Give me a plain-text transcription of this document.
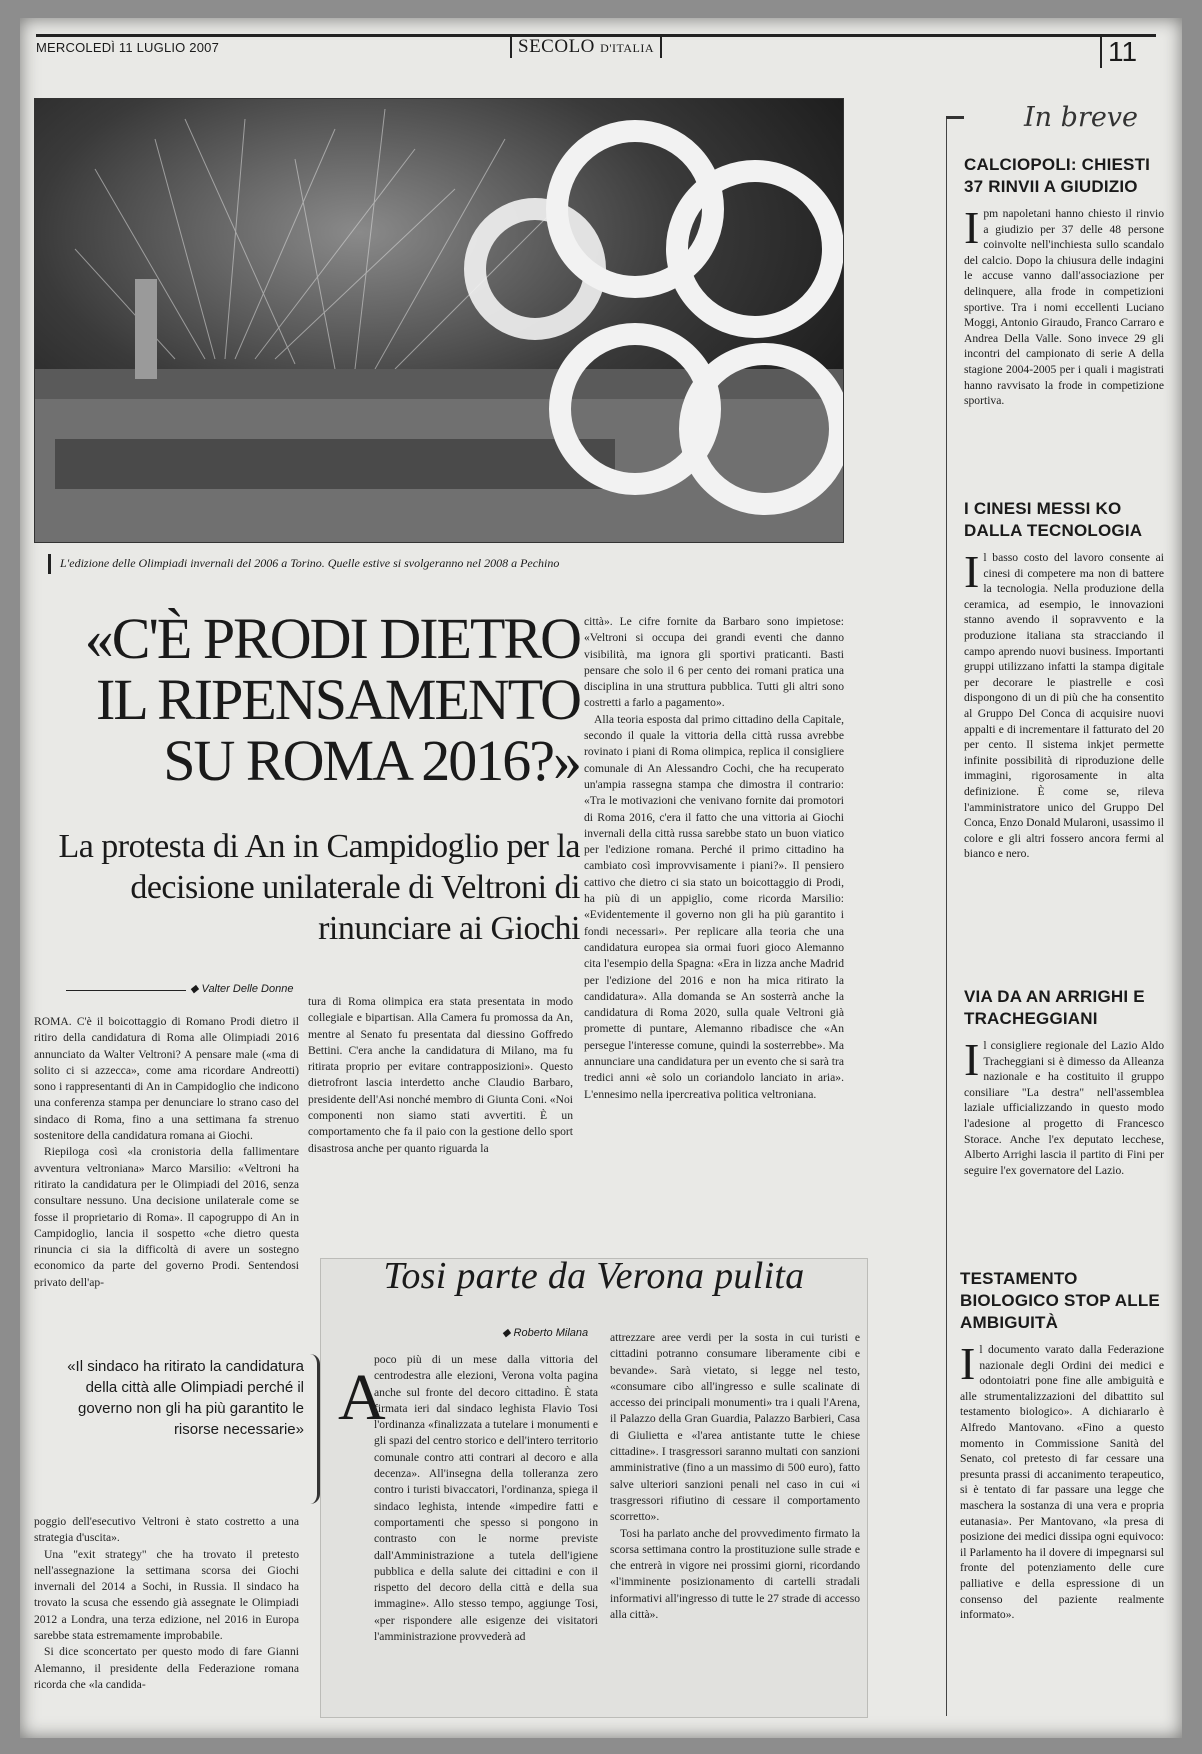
MERCOLEDÌ 11 LUGLIO 2007	SECOLO D'ITALIA	11
L'edizione delle Olimpiadi invernali del 2006 a Torino. Quelle estive si svolgeranno nel 2008 a Pechino
«C'È PRODI DIETRO IL RIPENSAMENTO SU ROMA 2016?»
La protesta di An in Campidoglio per la decisione unilaterale di Veltroni di rinunciare ai Giochi

città». Le cifre fornite da Barbaro sono impietose: «Veltroni si occupa dei grandi eventi che danno visibilità, ma ignora gli sportivi praticanti. Basti pensare che solo il 6 per cento dei romani pratica una disciplina in una struttura pubblica. Tutti gli altri sono costretti a farlo a pagamento».

Alla teoria esposta dal primo cittadino della Capitale, secondo il quale la vittoria della città russa avrebbe rovinato i piani di Roma olimpica, replica il consigliere comunale di An Alessandro Cochi, che ha recuperato un'ampia rassegna stampa che dimostra il contrario: «Tra le motivazioni che venivano fornite dai promotori di Roma 2016, c'era il fatto che una vittoria ai Giochi invernali della città russa sarebbe stato un buon viatico per l'edizione romana. Perché il primo cittadino ha cambiato così improvvisamente i piani?». Il pensiero cattivo che dietro ci sia stato un boicottaggio di Prodi, ha più di un appiglio, come ricorda Marsilio: «Evidentemente il governo non gli ha più garantito i fondi necessari». Per replicare alla teoria che una candidatura europea sia ormai fuori gioco Alemanno cita l'esempio della Spagna: «Era in lizza anche Madrid per l'edizione del 2016 e non ha mica ritirato la candidatura». Alla domanda se An sosterrà anche la candidatura di Roma 2020, sulla quale Veltroni già promette di puntare, Alemanno ribadisce che «An persegue l'interesse comune, quindi la sosterrebbe». Ma annunciare una candidatura per un evento che si sarà tra tredici anni «è solo un coriandolo lanciato in aria». L'ennesimo nella ipercreativa politica veltroniana.

◆ Valter Delle Donne

ROMA. C'è il boicottaggio di Romano Prodi dietro il ritiro della candidatura di Roma alle Olimpiadi 2016 annunciato da Walter Veltroni? A pensare male («ma di solito ci si azzecca», come ama ricordare Andreotti) sono i rappresentanti di An in Campidoglio che indicono una conferenza stampa per denunciare lo strano caso del sindaco di Roma, fino a una settimana fa strenuo sostenitore della candidatura romana ai Giochi.

Riepiloga così «la cronistoria della fallimentare avventura veltroniana» Marco Marsilio: «Veltroni ha ritirato la candidatura per le Olimpiadi del 2016, senza consultare nessuno. Una decisione unilaterale come se fosse il proprietario di Roma». Il capogruppo di An in Campidoglio, lancia il sospetto «che dietro questa rinuncia ci sia la difficoltà di avere un sostegno economico da parte del governo Prodi. Sentendosi privato dell'ap-

tura di Roma olimpica era stata presentata in modo collegiale e bipartisan. Alla Camera fu promossa da An, mentre al Senato fu presentata dal diessino Goffredo Bettini. C'era anche la candidatura di Milano, ma fu ritirata proprio per evitare contrapposizioni». Questo dietrofront lascia interdetto anche Claudio Barbaro, presidente dell'Asi nonché membro di Giunta Coni. «Noi componenti non siamo stati avvertiti. È un comportamento che fa il paio con la gestione dello sport disastrosa anche per quanto riguarda la

«Il sindaco ha ritirato la candidatura della città alle Olimpiadi perché il governo non gli ha più garantito le risorse necessarie»

poggio dell'esecutivo Veltroni è stato costretto a una strategia d'uscita».

Una "exit strategy" che ha trovato il pretesto nell'assegnazione la settimana scorsa dei Giochi invernali del 2014 a Sochi, in Russia. Il sindaco ha trovato la scusa che essendo già assegnate le Olimpiadi 2012 a Londra, una terza edizione, nel 2016 in Europa sarebbe stata estremamente improbabile.

Si dice sconcertato per questo modo di fare Gianni Alemanno, il presidente della Federazione romana ricorda che «la candida-

Tosi parte da Verona pulita
◆ Roberto Milana
A

poco più di un mese dalla vittoria del centrodestra alle elezioni, Verona volta pagina anche sul fronte del decoro cittadino. È stata firmata ieri dal sindaco leghista Flavio Tosi l'ordinanza «finalizzata a tutelare i monumenti e gli spazi del centro storico e dell'intero territorio comunale contro atti contrari al decoro e alla decenza». All'insegna della tolleranza zero contro i turisti bivaccatori, l'ordinanza, spiega il sindaco leghista, intende «impedire fatti e comportamenti che spesso si pongono in contrasto con le norme previste dall'Amministrazione a tutela dell'igiene pubblica e della salute dei cittadini e con il rispetto del decoro della città e della sua immagine». Allo stesso tempo, aggiunge Tosi, «per rispondere alle esigenze dei visitatori l'amministrazione provvederà ad

attrezzare aree verdi per la sosta in cui turisti e cittadini potranno consumare liberamente cibi e bevande». Sarà vietato, si legge nel testo, «consumare cibo all'ingresso e sulle scalinate di accesso dei principali monumenti» tra i quali l'Arena, il Palazzo della Gran Guardia, Palazzo Barbieri, Casa di Giulietta e «l'area antistante tutte le chiese cittadine». I trasgressori saranno multati con sanzioni amministrative (fino a un massimo di 500 euro), fatto salve ulteriori sanzioni penali nel caso in cui «i trasgressori rifiutino di cessare il comportamento scorretto».

Tosi ha parlato anche del provvedimento firmato la scorsa settimana contro la prostituzione sulle strade e che entrerà in vigore nei prossimi giorni, ricordando «l'imminente posizionamento di cartelli stradali informativi all'ingresso di tutte le 27 strade di accesso alla città».

In breve
CALCIOPOLI: CHIESTI 37 RINVII A GIUDIZIO
I pm napoletani hanno chiesto il rinvio a giudizio per 37 delle 48 persone coinvolte nell'inchiesta sullo scandalo del calcio. Dopo la chiusura delle indagini le accuse vanno dall'associazione per delinquere, alla frode in competizioni sportive. Tra i nomi eccellenti Luciano Moggi, Antonio Giraudo, Franco Carraro e Andrea Della Valle. Sono invece 29 gli incontri del campionato di serie A della stagione 2004-2005 per i quali i magistrati hanno ravvisato la frode in competizione sportiva.
I CINESI MESSI KO DALLA TECNOLOGIA
I l basso costo del lavoro consente ai cinesi di competere ma non di battere la tecnologia. Nella produzione della ceramica, ad esempio, le innovazioni stanno avendo il sopravvento e la produzione italiana sta stracciando il campo aprendo nuovi business. Importanti gruppi utilizzano infatti la stampa digitale per decorare le piastrelle e così dispongono di un di più che ha consentito al Gruppo Del Conca di acquisire nuovi appalti e di incrementare il fatturato del 20 per cento. Il sistema inkjet permette infinite possibilità di riproduzione delle immagini, rigorosamente in alta definizione. È come se, rileva l'amministratore unico del Gruppo Del Conca, Enzo Donald Mularoni, usassimo il colore e gli altri fossero ancora fermi al bianco e nero.
VIA DA AN ARRIGHI E TRACHEGGIANI
I l consigliere regionale del Lazio Aldo Tracheggiani si è dimesso da Alleanza nazionale e ha costituito il gruppo consiliare "La destra" nell'assemblea laziale ufficializzando in questo modo l'adesione al progetto di Francesco Storace. Anche l'ex deputato lecchese, Alberto Arrighi lascia il partito di Fini per seguire l'ex governatore del Lazio.
TESTAMENTO BIOLOGICO STOP ALLE AMBIGUITÀ
I l documento varato dalla Federazione nazionale degli Ordini dei medici e odontoiatri pone fine alle ambiguità e alle strumentalizzazioni del dibattito sul testamento biologico». A dichiararlo è Alfredo Mantovano. «Fino a questo momento in Commissione Sanità del Senato, col pretesto di far cessare una presunta prassi di accanimento terapeutico, si è tentato di far passare una legge che maschera la sostanza di una vera e propria eutanasia». Per Mantovano, «la presa di posizione dei medici dissipa ogni equivoco: il Parlamento ha il dovere di impegnarsi sul fronte del potenziamento delle cure palliative e della espressione di un consenso del paziente realmente informato».
